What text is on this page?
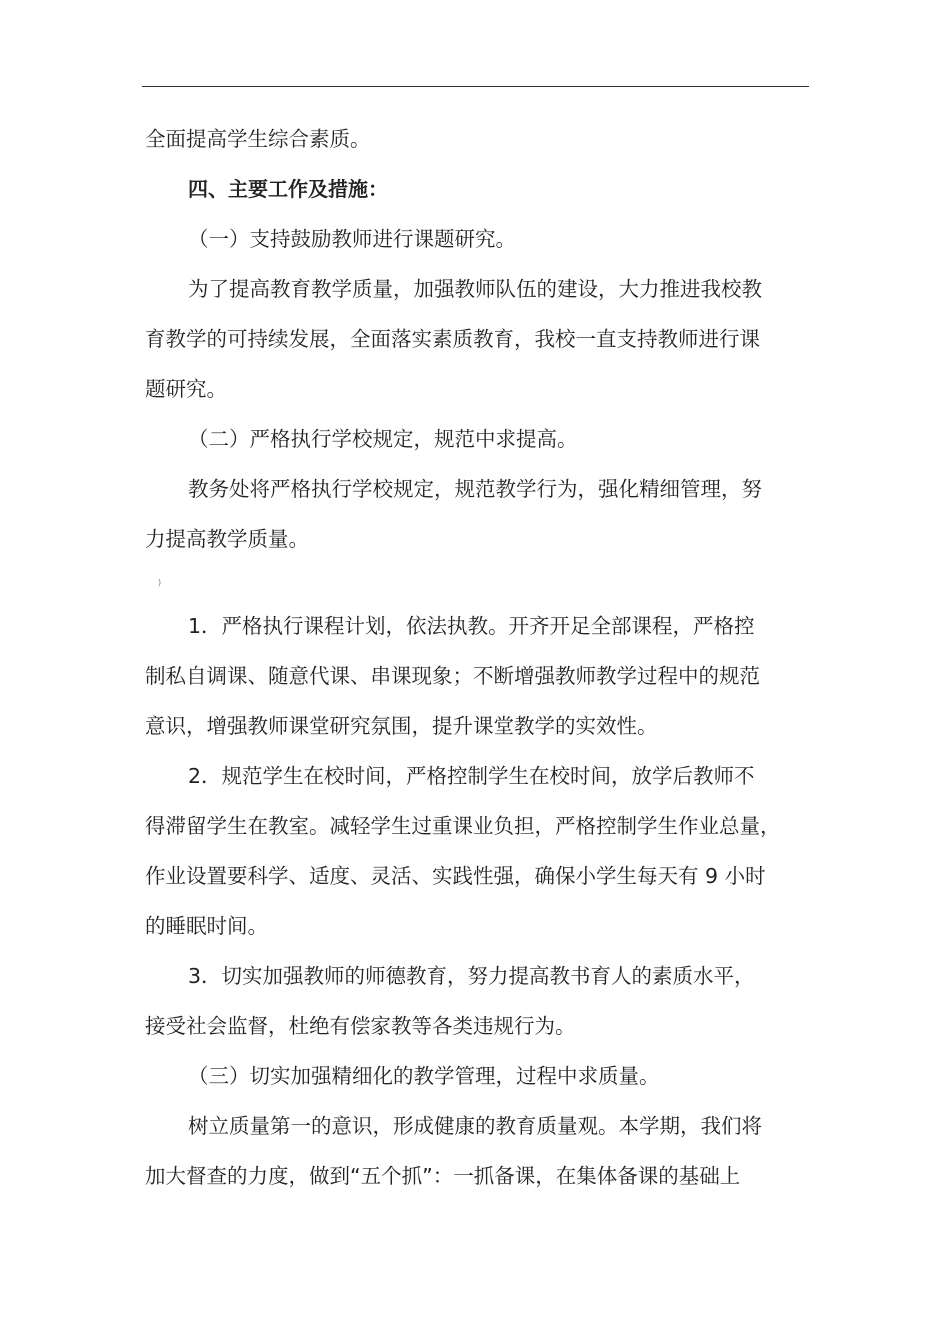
全面提高学生综合素质。

四、主要工作及措施：

（一）支持鼓励教师进行课题研究。

为了提高教育教学质量，加强教师队伍的建设，大力推进我校教

育教学的可持续发展，全面落实素质教育，我校一直支持教师进行课

题研究。

（二）严格执行学校规定，规范中求提高。

教务处将严格执行学校规定，规范教学行为，强化精细管理，努

力提高教学质量。

)

1．严格执行课程计划，依法执教。开齐开足全部课程，严格控

制私自调课、随意代课、串课现象；不断增强教师教学过程中的规范

意识，增强教师课堂研究氛围，提升课堂教学的实效性。

2．规范学生在校时间，严格控制学生在校时间，放学后教师不

得滞留学生在教室。减轻学生过重课业负担，严格控制学生作业总量，

作业设置要科学、适度、灵活、实践性强，确保小学生每天有 9 小时

的睡眠时间。

3．切实加强教师的师德教育，努力提高教书育人的素质水平，

接受社会监督，杜绝有偿家教等各类违规行为。

（三）切实加强精细化的教学管理，过程中求质量。

树立质量第一的意识，形成健康的教育质量观。本学期，我们将

加大督查的力度，做到“五个抓”：一抓备课，在集体备课的基础上
